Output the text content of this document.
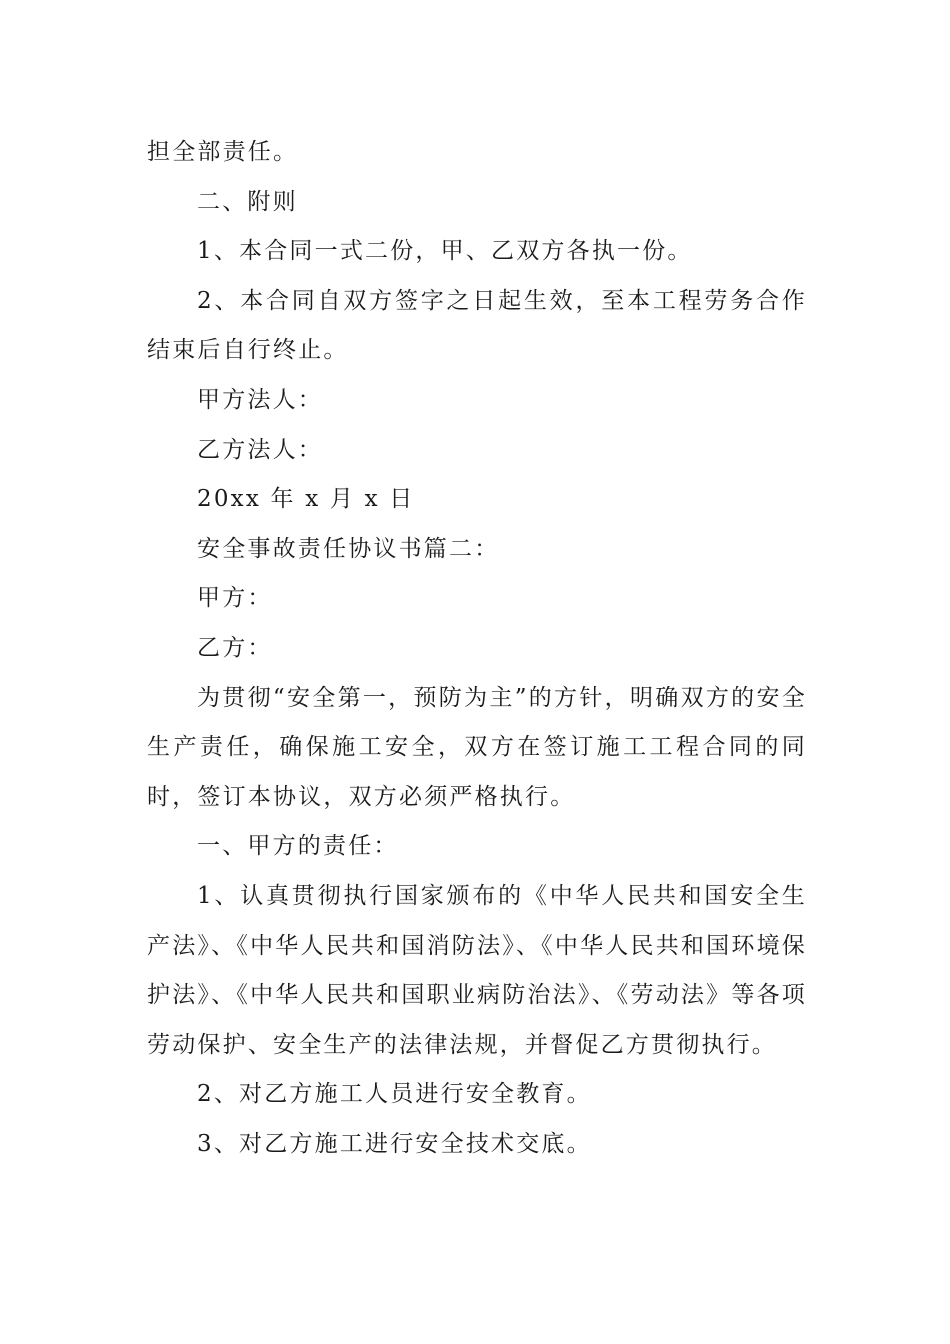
担全部责任。

二、附则

1、本合同一式二份，甲、乙双方各执一份。

2、本合同自双方签字之日起生效，至本工程劳务合作结束后自行终止。

甲方法人：

乙方法人：

20xx 年 x 月 x 日

安全事故责任协议书篇二：

甲方：

乙方：

为贯彻“安全第一，预防为主”的方针，明确双方的安全生产责任，确保施工安全，双方在签订施工工程合同的同时，签订本协议，双方必须严格执行。

一、甲方的责任：

1、认真贯彻执行国家颁布的《中华人民共和国安全生产法》、《中华人民共和国消防法》、《中华人民共和国环境保护法》、《中华人民共和国职业病防治法》、《劳动法》等各项劳动保护、安全生产的法律法规，并督促乙方贯彻执行。

2、对乙方施工人员进行安全教育。

3、对乙方施工进行安全技术交底。
